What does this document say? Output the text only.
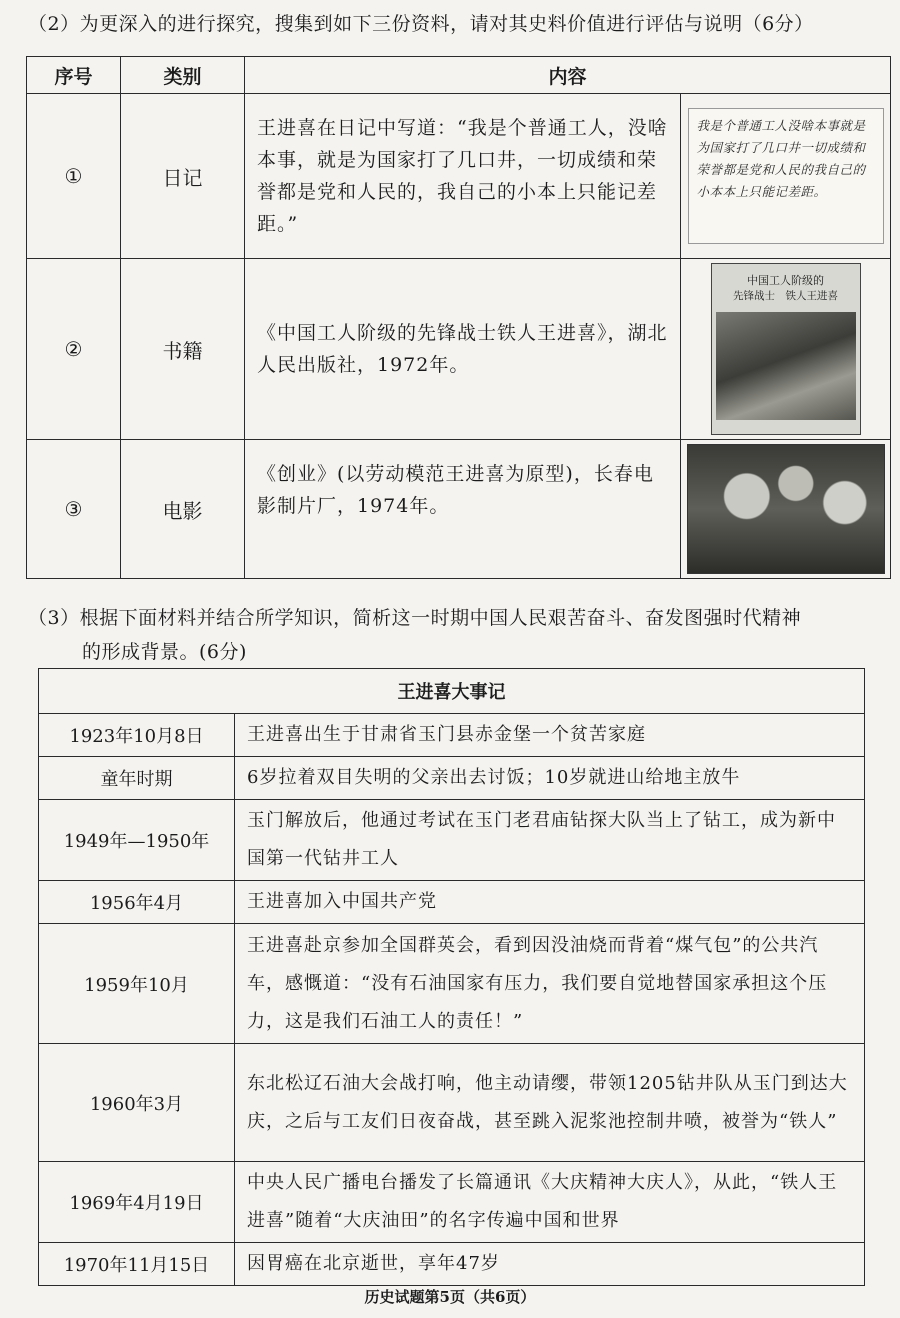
（2）为更深入的进行探究，搜集到如下三份资料，请对其史料价值进行评估与说明（6分）
序号	类别	内容	
①	日记	王进喜在日记中写道：“我是个普通工人，没啥本事，就是为国家打了几口井，一切成绩和荣誉都是党和人民的，我自己的小本上只能记差距。”	我是个普通工人没啥本事就是为国家打了几口井一切成绩和荣誉都是党和人民的我自己的小本本上只能记差距。

②	书籍	《中国工人阶级的先锋战士铁人王进喜》，湖北人民出版社，1972年。	中国工人阶级的
先锋战士　铁人王进喜

③	电影	《创业》(以劳动模范王进喜为原型)，长春电影制片厂，1974年。	
（3）根据下面材料并结合所学知识，简析这一时期中国人民艰苦奋斗、奋发图强时代精神
的形成背景。(6分)
王进喜大事记	
1923年10月8日	王进喜出生于甘肃省玉门县赤金堡一个贫苦家庭
童年时期	6岁拉着双目失明的父亲出去讨饭；10岁就进山给地主放牛
1949年—1950年	玉门解放后，他通过考试在玉门老君庙钻探大队当上了钻工，成为新中国第一代钻井工人
1956年4月	王进喜加入中国共产党
1959年10月	王进喜赴京参加全国群英会，看到因没油烧而背着“煤气包”的公共汽车，感慨道：“没有石油国家有压力，我们要自觉地替国家承担这个压力，这是我们石油工人的责任！”
1960年3月	东北松辽石油大会战打响，他主动请缨，带领1205钻井队从玉门到达大庆，之后与工友们日夜奋战，甚至跳入泥浆池控制井喷，被誉为“铁人”
1969年4月19日	中央人民广播电台播发了长篇通讯《大庆精神大庆人》，从此，“铁人王进喜”随着“大庆油田”的名字传遍中国和世界
1970年11月15日	因胃癌在北京逝世，享年47岁
历史试题第5页（共6页）
